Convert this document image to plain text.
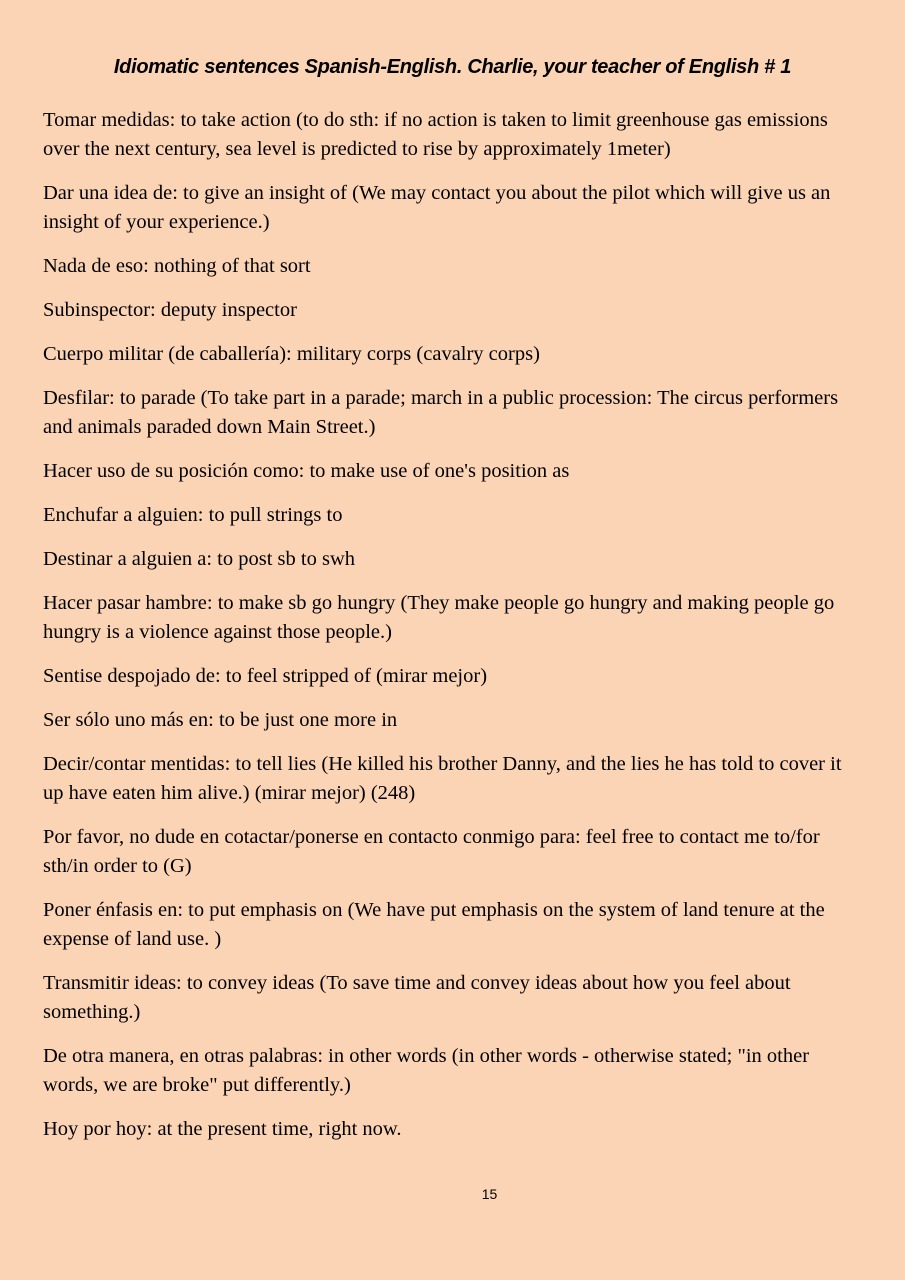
Idiomatic sentences Spanish-English. Charlie, your teacher of English # 1

Tomar medidas: to take action (to do sth: if no action is taken to limit greenhouse gas emissions over the next century, sea level is predicted to rise by approximately 1meter)

Dar una idea de: to give an insight of (We may contact you about the pilot which will give us an insight of your experience.)

Nada de eso: nothing of that sort

Subinspector: deputy inspector

Cuerpo militar (de caballería): military corps (cavalry corps)

Desfilar: to parade (To take part in a parade; march in a public procession: The circus performers and animals paraded down Main Street.)

Hacer uso de su posición como: to make use of one's position as

Enchufar a alguien: to pull strings to

Destinar a alguien a: to post sb to swh

Hacer pasar hambre: to make sb go hungry (They make people go hungry and making people go hungry is a violence against those people.)

Sentise despojado de: to feel stripped of (mirar mejor)

Ser sólo uno más en: to be just one more in

Decir/contar mentidas: to tell lies (He killed his brother Danny, and the lies he has told to cover it up have eaten him alive.) (mirar mejor) (248)

Por favor, no dude en cotactar/ponerse en contacto conmigo para: feel free to contact me to/for sth/in order to (G)

Poner énfasis en: to put emphasis on (We have put emphasis on the system of land tenure at the expense of land use. )

Transmitir ideas: to convey ideas (To save time and convey ideas about how you feel about something.)

De otra manera, en otras palabras: in other words (in other words - otherwise stated; "in other words, we are broke" put differently.)

Hoy por hoy: at the present time, right now.

15
